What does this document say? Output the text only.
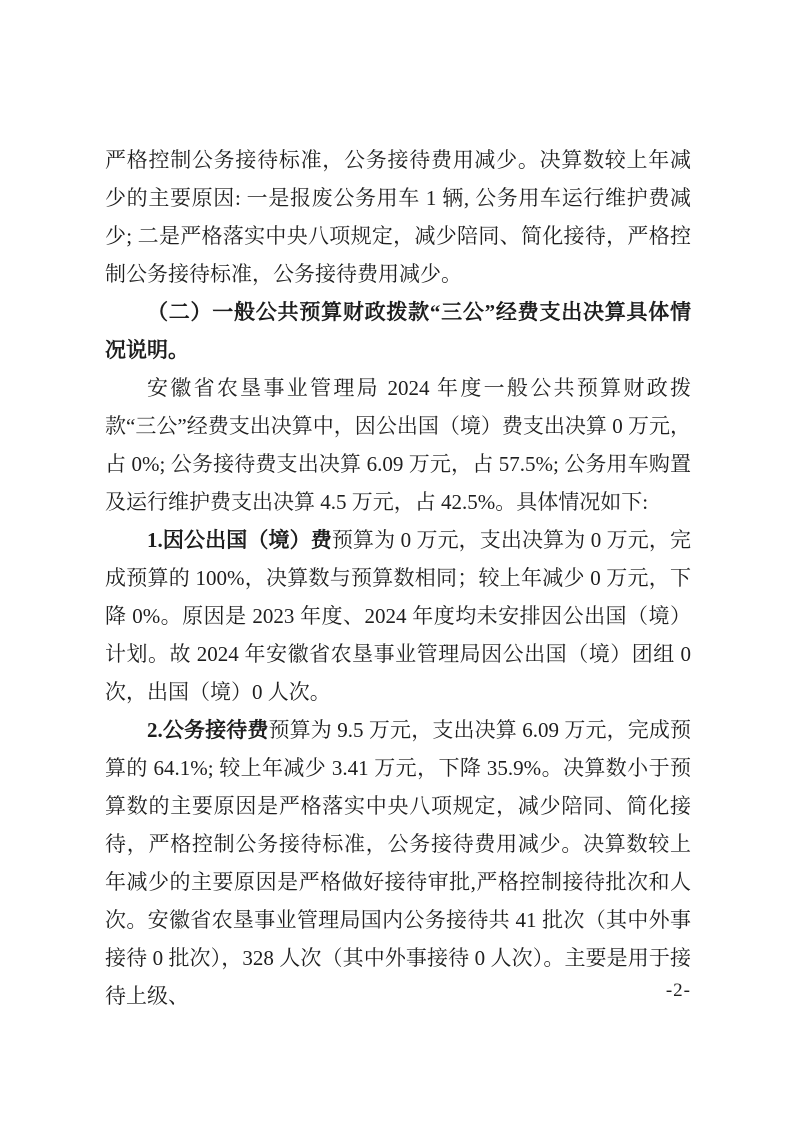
严格控制公务接待标准，公务接待费用减少。决算数较上年减少的主要原因: 一是报废公务用车 1 辆, 公务用车运行维护费减少; 二是严格落实中央八项规定，减少陪同、简化接待，严格控制公务接待标准，公务接待费用减少。

（二）一般公共预算财政拨款“三公”经费支出决算具体情况说明。

安徽省农垦事业管理局 2024 年度一般公共预算财政拨款“三公”经费支出决算中，因公出国（境）费支出决算 0 万元，占 0%; 公务接待费支出决算 6.09 万元，占 57.5%; 公务用车购置及运行维护费支出决算 4.5 万元，占 42.5%。具体情况如下:

1.因公出国（境）费预算为 0 万元，支出决算为 0 万元，完成预算的 100%，决算数与预算数相同；较上年减少 0 万元，下降 0%。原因是 2023 年度、2024 年度均未安排因公出国（境）计划。故 2024 年安徽省农垦事业管理局因公出国（境）团组 0 次，出国（境）0 人次。

2.公务接待费预算为 9.5 万元，支出决算 6.09 万元，完成预算的 64.1%; 较上年减少 3.41 万元，下降 35.9%。决算数小于预算数的主要原因是严格落实中央八项规定，减少陪同、简化接待，严格控制公务接待标准，公务接待费用减少。决算数较上年减少的主要原因是严格做好接待审批,严格控制接待批次和人次。安徽省农垦事业管理局国内公务接待共 41 批次（其中外事接待 0 批次），328 人次（其中外事接待 0 人次）。主要是用于接待上级、	-2-
